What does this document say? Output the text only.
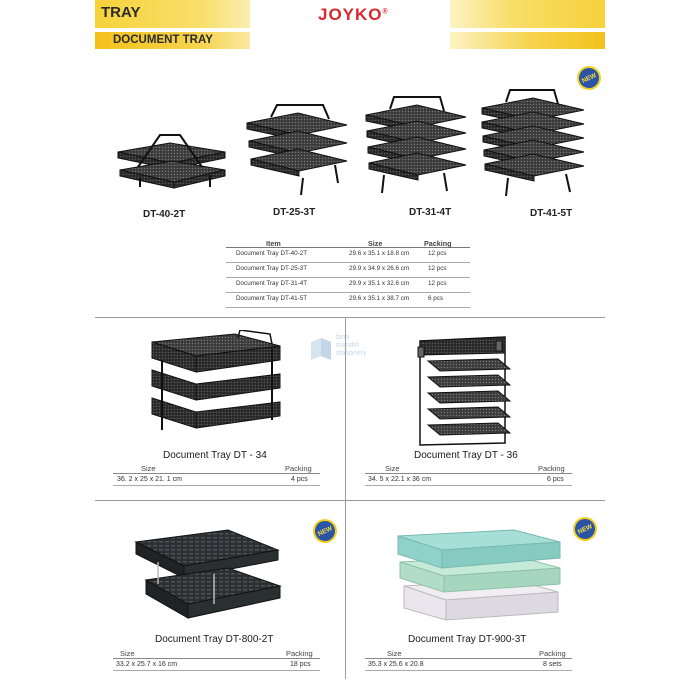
TRAY
DOCUMENT TRAY
JOYKO®
NEW
DT-40-2T	DT-25-3T	DT-31-4T	DT-41-5T
Item	Size	Packing
Document Tray DT-40-2T	29.6 x 35.1 x 18.8 cm	12 pcs
Document Tray DT-25-3T	29.9 x 34.9 x 26.6 cm	12 pcs
Document Tray DT-31-4T	29.9 x 35.1 x 32.6 cm	12 pcs
Document Tray DT-41-5T	29.6 x 35.1 x 38.7 cm	6 pcs
bina
mandiri
stationery
Document Tray DT - 34
Size	Packing
36. 2 x 25 x 21. 1 cm	4 pcs
Document Tray DT - 36
Size	Packing
34. 5 x 22.1 x 36 cm	6 pcs
NEW
Document Tray DT-800-2T
Size	Packing
33.2 x 25.7 x 16 cm	18 pcs
NEW
Document Tray DT-900-3T
Size	Packing
35.3 x 25.6 x 20.8	8 sets
